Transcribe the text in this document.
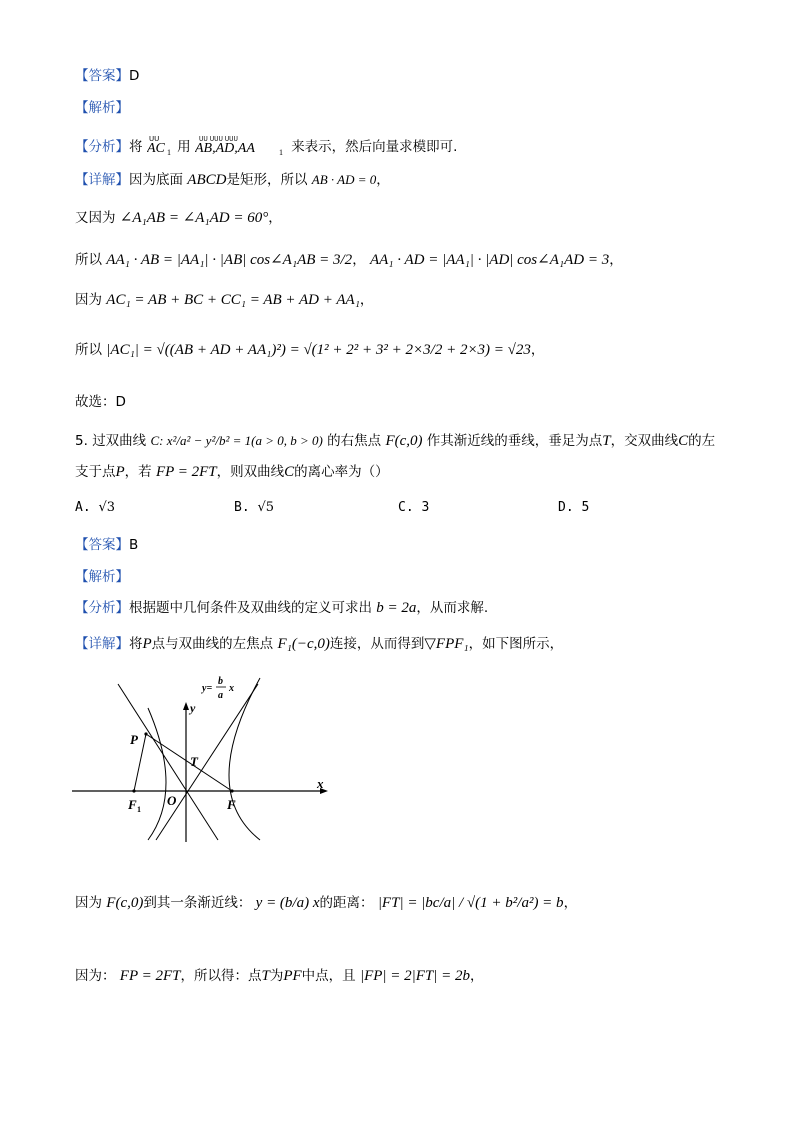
【答案】D
【解析】
【分析】将 ᑌᑌ
AC 1 用 AB,AD,AA	1
ᑌᑌ ᑌᑌᑌ ᑌᑌᑌ	来表示，然后向量求模即可.
【详解】因为底面 ABCD是矩形，所以 AB · AD = 0，
又因为 ∠A₁AB = ∠A₁AD = 60°，
所以 AA₁ · AB = |AA₁| · |AB| cos∠A₁AB = 3/2， AA₁ · AD = |AA₁| · |AD| cos∠A₁AD = 3，
因为 AC₁ = AB + BC + CC₁ = AB + AD + AA₁，
所以 |AC₁| = √((AB + AD + AA₁)²) = √(1² + 2² + 3² + 2×3/2 + 2×3) = √23，
故选：D
5. 过双曲线 C: x²/a² − y²/b² = 1(a > 0, b > 0) 的右焦点 F(c,0) 作其渐近线的垂线，垂足为点T，交双曲线C的左
支于点P，若 FP = 2FT，则双曲线C的离心率为（）
A. √3	B. √5	C. 3	D. 5
【答案】B
【解析】
【分析】根据题中几何条件及双曲线的定义可求出 b = 2a，从而求解.
【详解】将P点与双曲线的左焦点 F₁(−c,0)连接，从而得到▽FPF₁，如下图所示，
y=
b
a
x
y
x
P
T
O	F
F 1
因为 F(c,0)到其一条渐近线： y = (b/a) x的距离： |FT| = |bc/a| / √(1 + b²/a²) = b，
因为： FP = 2FT，所以得：点T为PF中点，且 |FP| = 2|FT| = 2b，
